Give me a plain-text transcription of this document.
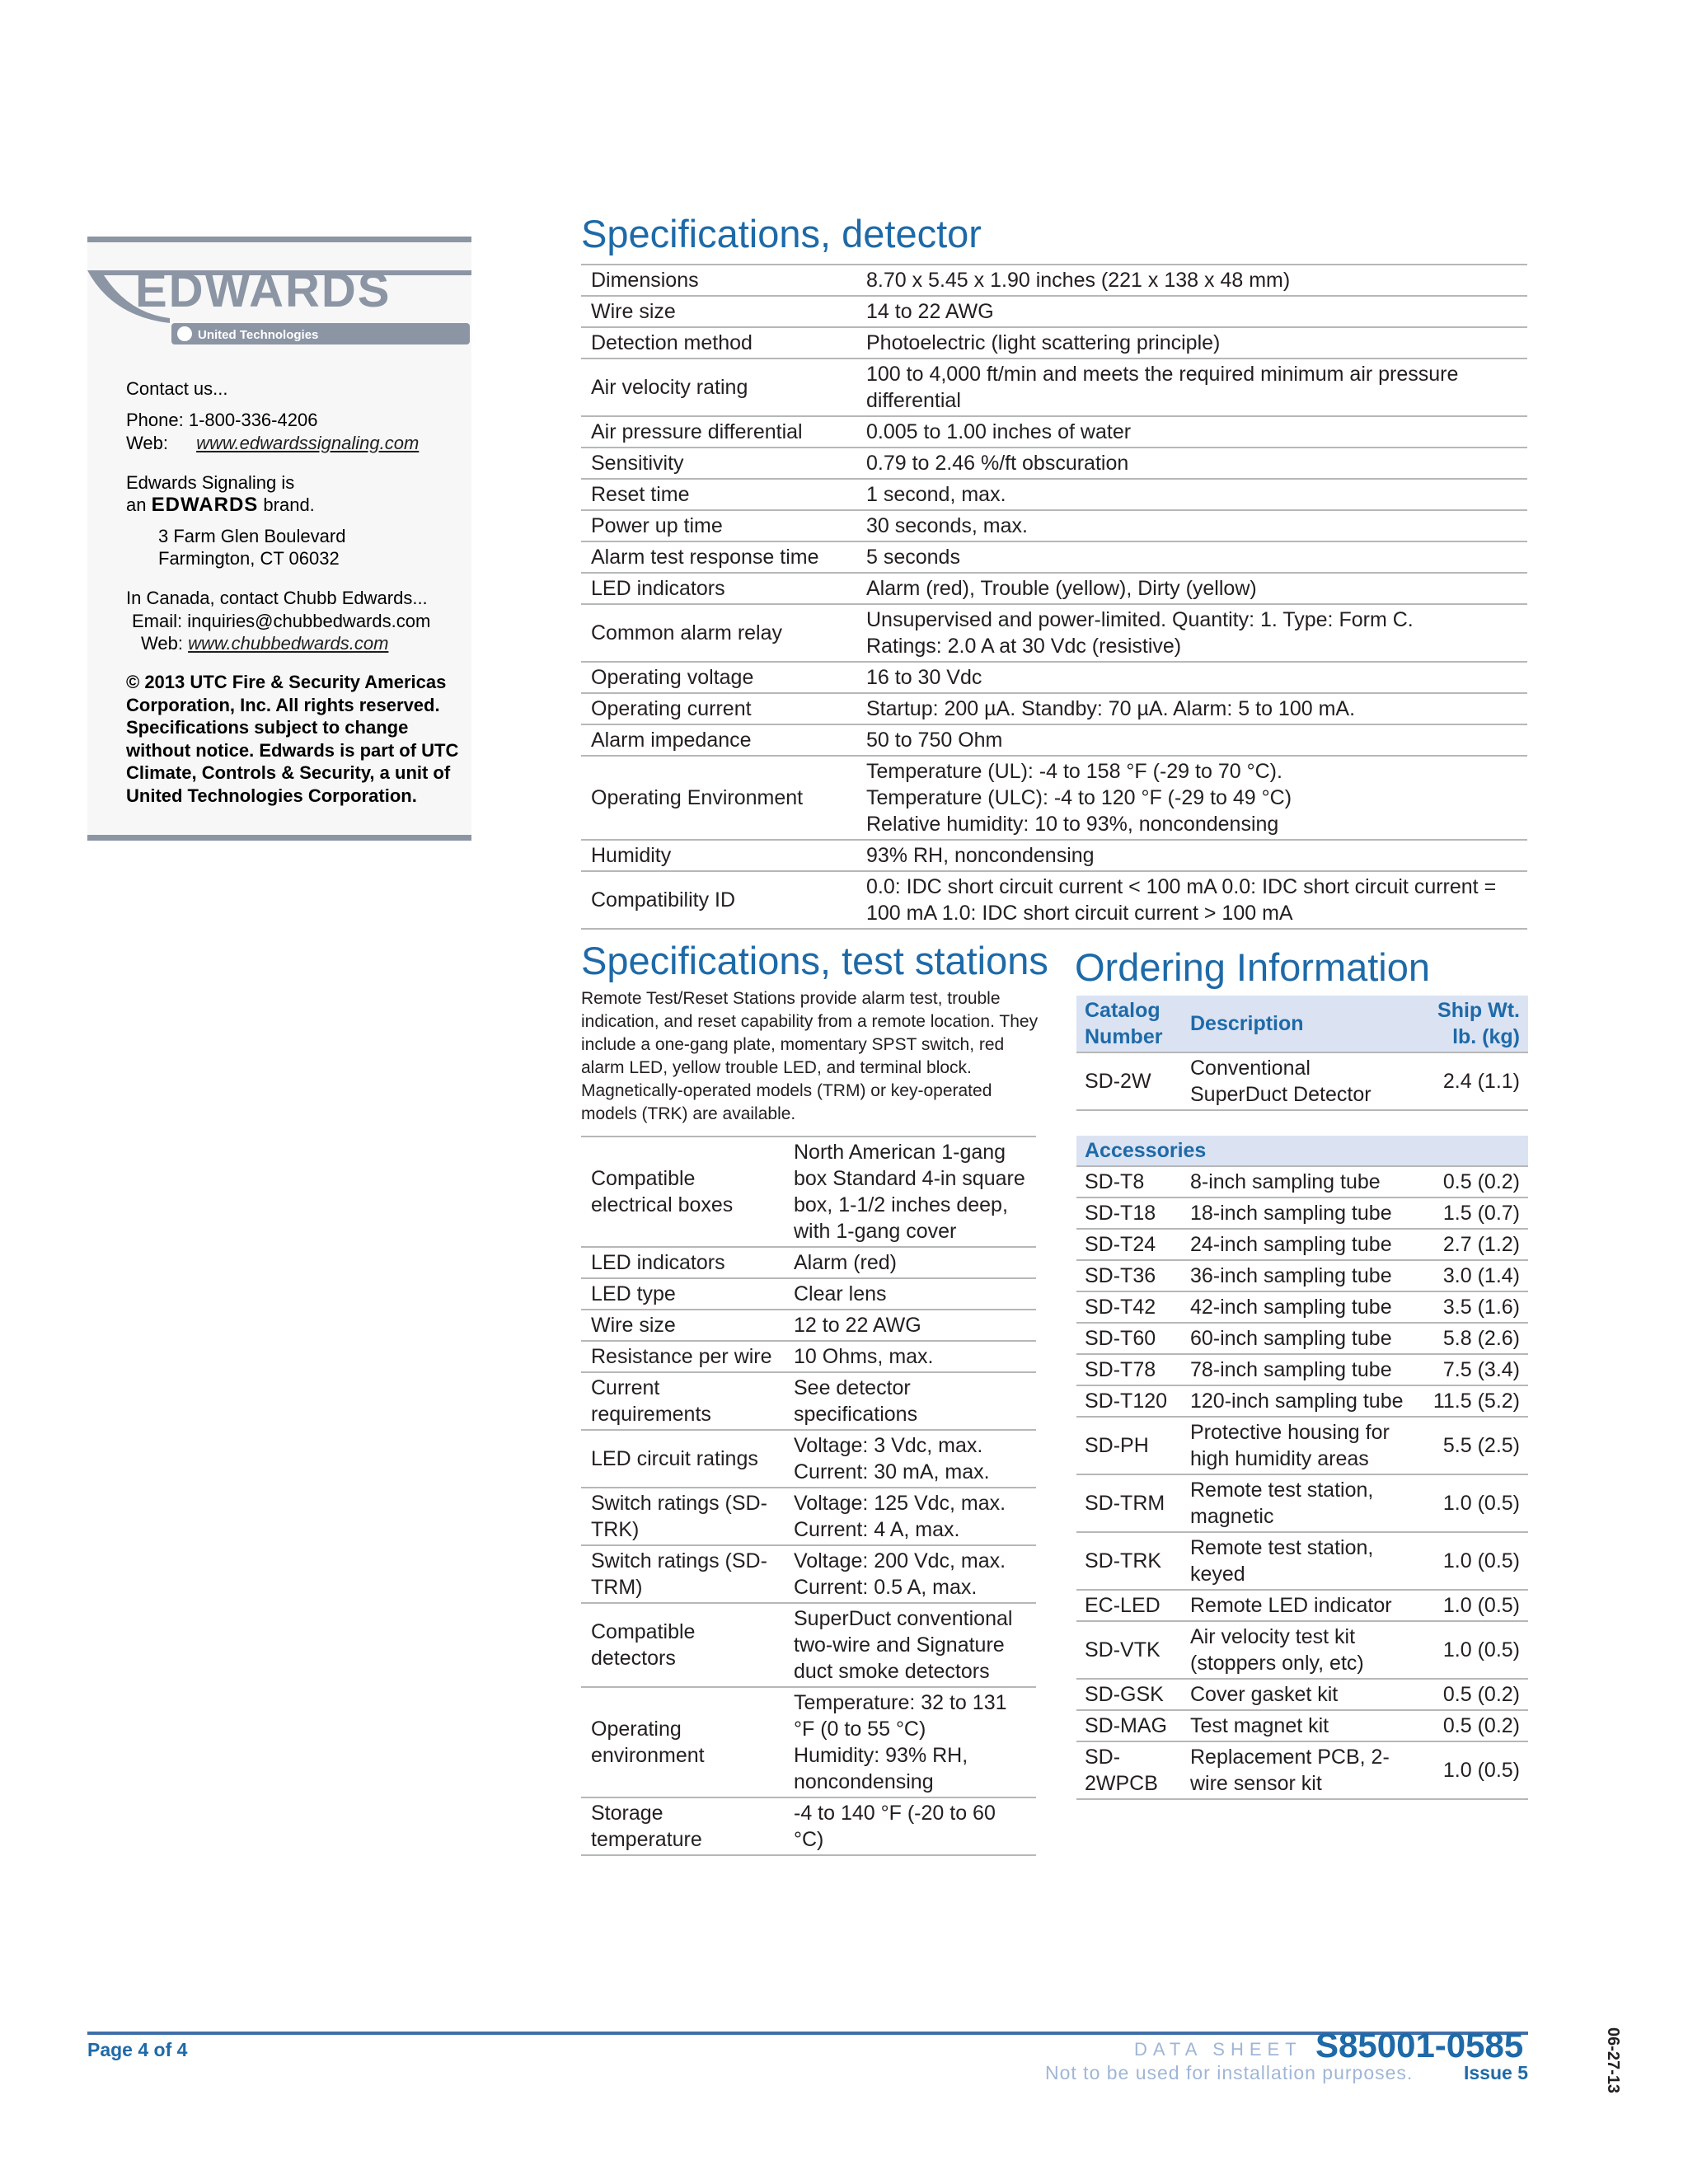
EDWARDS
United Technologies
Contact us...
Phone: 1-800-336-4206
Web: www.edwardssignaling.com
Edwards Signaling is
an EDWARDS brand.
3 Farm Glen Boulevard
Farmington, CT 06032
In Canada, contact Chubb Edwards...
Email: inquiries@chubbedwards.com
Web: www.chubbedwards.com
© 2013 UTC Fire & Security Americas Corporation, Inc. All rights reserved. Specifications subject to change without notice. Edwards is part of UTC Climate, Controls & Security, a unit of United Technologies Corporation.
Specifications, detector
Dimensions	8.70 x 5.45 x 1.90 inches (221 x 138 x 48 mm)
Wire size	14 to 22 AWG
Detection method	Photoelectric (light scattering principle)
Air velocity rating	100 to 4,000 ft/min and meets the required minimum air pressure differential
Air pressure differential	0.005 to 1.00 inches of water
Sensitivity	0.79 to 2.46 %/ft obscuration
Reset time	1 second, max.
Power up time	30 seconds, max.
Alarm test response time	5 seconds
LED indicators	Alarm (red), Trouble (yellow), Dirty (yellow)
Common alarm relay	Unsupervised and power-limited. Quantity: 1. Type: Form C.
Ratings: 2.0 A at 30 Vdc (resistive)
Operating voltage	16 to 30 Vdc
Operating current	Startup: 200 µA. Standby: 70 µA. Alarm: 5 to 100 mA.
Alarm impedance	50 to 750 Ohm
Operating Environment	Temperature (UL): -4 to 158 °F (-29 to 70 °C).
Temperature (ULC): -4 to 120 °F (-29 to 49 °C)
Relative humidity: 10 to 93%, noncondensing
Humidity	93% RH, noncondensing
Compatibility ID	0.0: IDC short circuit current < 100 mA 0.0: IDC short circuit current = 100 mA 1.0: IDC short circuit current > 100 mA
Specifications, test stations
Remote Test/Reset Stations provide alarm test, trouble indication, and reset capability from a remote location. They include a one-gang plate, momentary SPST switch, red alarm LED, yellow trouble LED, and terminal block. Magnetically-operated models (TRM) or key-operated models (TRK) are available.
Compatible electrical boxes	North American 1-gang box Standard 4-in square box, 1-1/2 inches deep, with 1-gang cover
LED indicators	Alarm (red)
LED type	Clear lens
Wire size	12 to 22 AWG
Resistance per wire	10 Ohms, max.
Current requirements	See detector specifications
LED circuit ratings	Voltage: 3 Vdc, max.
Current: 30 mA, max.
Switch ratings (SD-TRK)	Voltage: 125 Vdc, max.
Current: 4 A, max.
Switch ratings (SD-TRM)	Voltage: 200 Vdc, max.
Current: 0.5 A, max.
Compatible detectors	SuperDuct conventional two-wire and Signature duct smoke detectors
Operating environment	Temperature: 32 to 131 °F (0 to 55 °C)
Humidity: 93% RH, noncondensing
Storage temperature	-4 to 140 °F (-20 to 60 °C)
Ordering Information
Catalog Number	Description	Ship Wt. lb. (kg)
SD-2W	Conventional SuperDuct Detector	2.4 (1.1)

Accessories		
SD-T8	8-inch sampling tube	0.5 (0.2)
SD-T18	18-inch sampling tube	1.5 (0.7)
SD-T24	24-inch sampling tube	2.7 (1.2)
SD-T36	36-inch sampling tube	3.0 (1.4)
SD-T42	42-inch sampling tube	3.5 (1.6)
SD-T60	60-inch sampling tube	5.8 (2.6)
SD-T78	78-inch sampling tube	7.5 (3.4)
SD-T120	120-inch sampling tube	11.5 (5.2)
SD-PH	Protective housing for high humidity areas	5.5 (2.5)
SD-TRM	Remote test station, magnetic	1.0 (0.5)
SD-TRK	Remote test station, keyed	1.0 (0.5)
EC-LED	Remote LED indicator	1.0 (0.5)
SD-VTK	Air velocity test kit (stoppers only, etc)	1.0 (0.5)
SD-GSK	Cover gasket kit	0.5 (0.2)
SD-MAG	Test magnet kit	0.5 (0.2)
SD-2WPCB	Replacement PCB, 2-wire sensor kit	1.0 (0.5)
Page 4 of 4	DATA SHEET S85001-0585
Not to be used for installation purposes.	Issue 5	06-27-13
